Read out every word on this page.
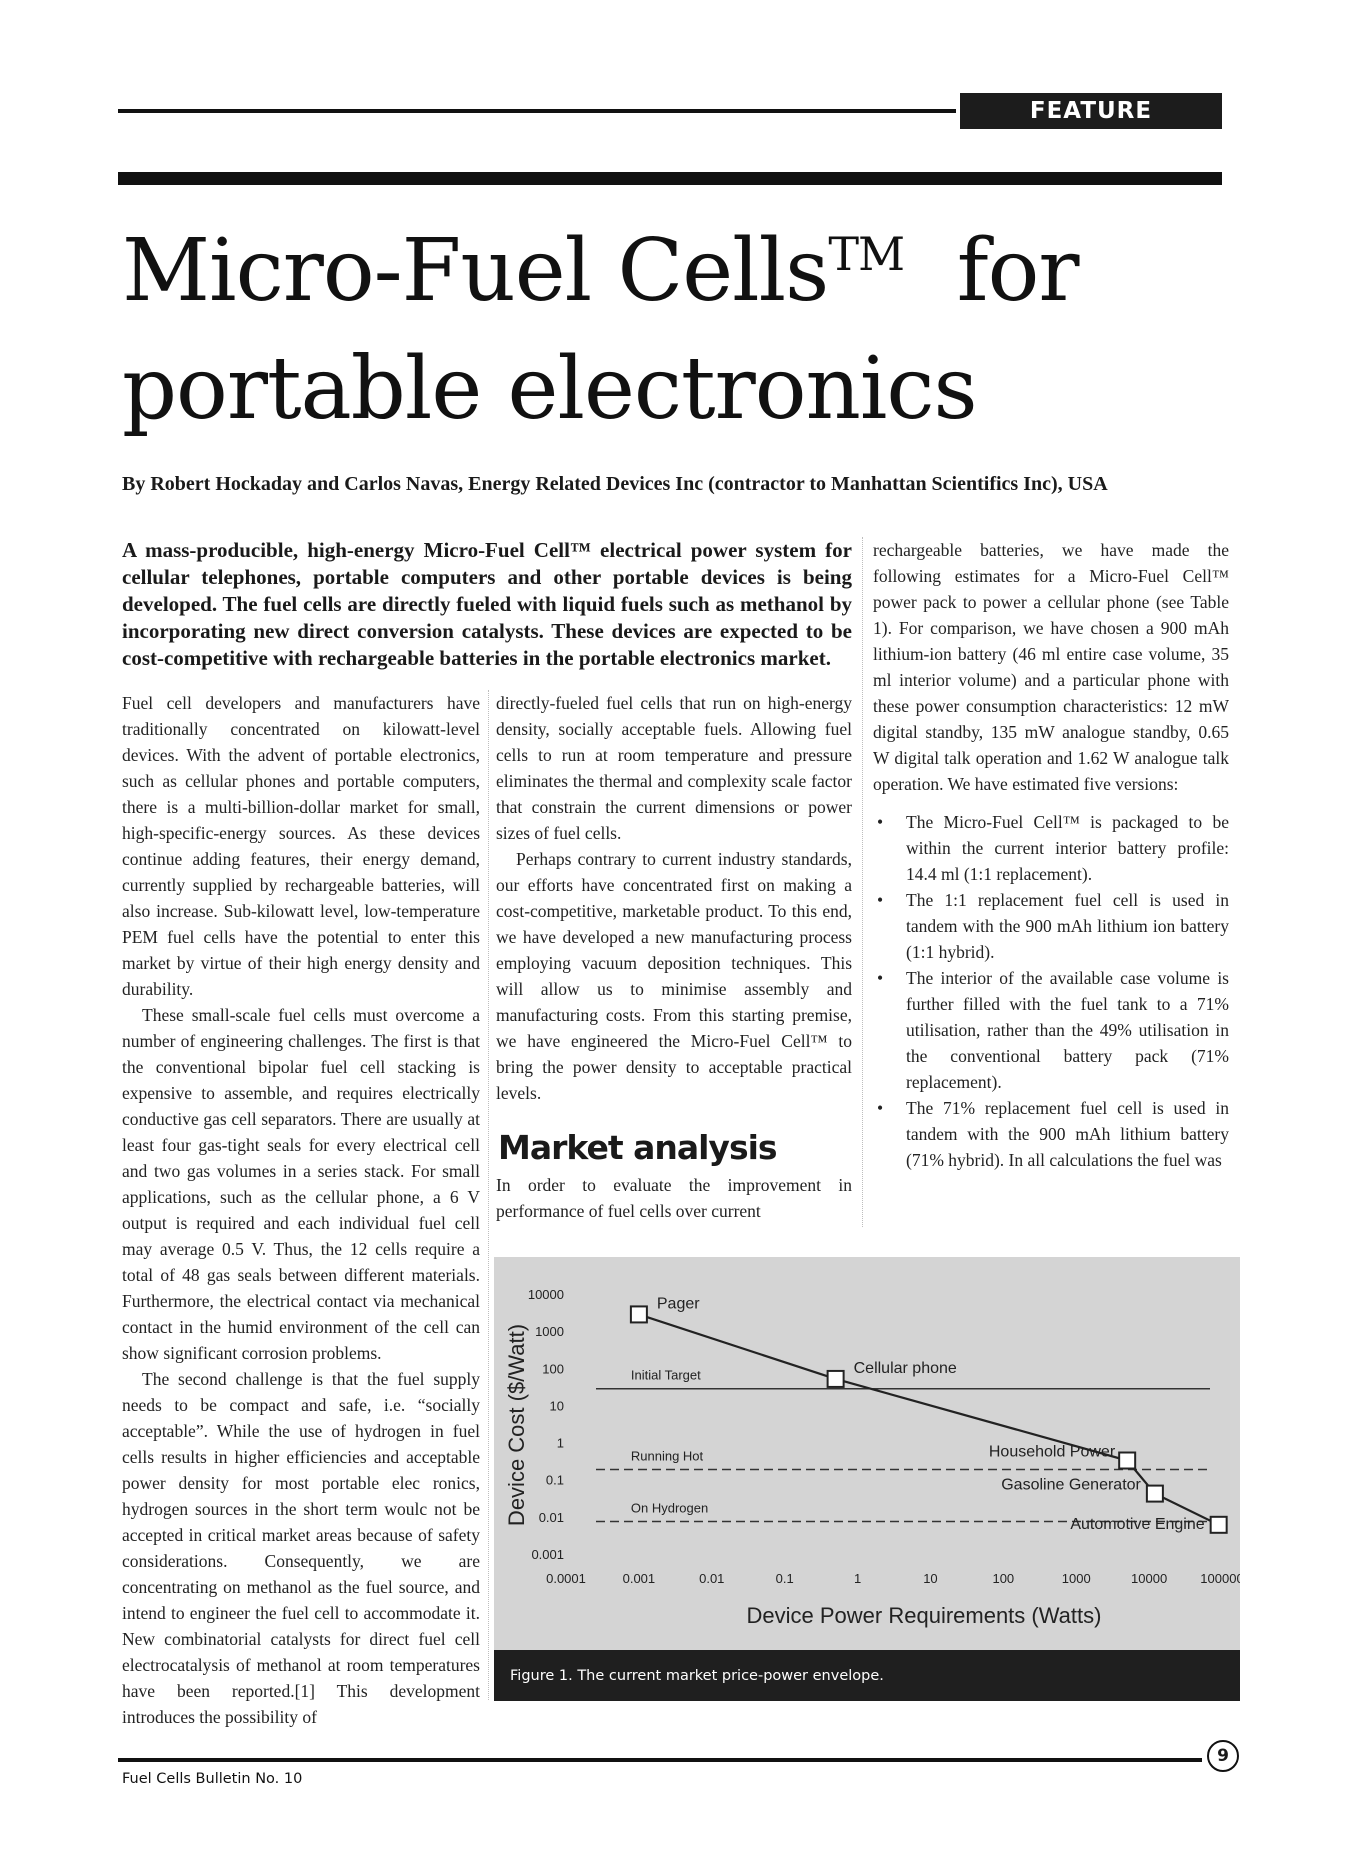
FEATURE
Micro-Fuel Cells™ for
portable electronics
By Robert Hockaday and Carlos Navas, Energy Related Devices Inc (contractor to Manhattan Scientifics Inc), USA
A mass-producible, high-energy Micro-Fuel Cell™ electrical power system for cellular telephones, portable computers and other portable devices is being developed. The fuel cells are directly fueled with liquid fuels such as methanol by incorporating new direct conversion catalysts. These devices are expected to be cost-competitive with rechargeable batteries in the portable electronics market.

Fuel cell developers and manufacturers have traditionally concentrated on kilowatt-level devices. With the advent of portable electronics, such as cellular phones and portable computers, there is a multi-billion-dollar market for small, high-specific-energy sources. As these devices continue adding features, their energy demand, currently supplied by rechargeable batteries, will also increase. Sub-kilowatt level, low-temperature PEM fuel cells have the potential to enter this market by virtue of their high energy density and durability.

These small-scale fuel cells must overcome a number of engineering challenges. The first is that the conventional bipolar fuel cell stacking is expensive to assemble, and requires electrically conductive gas cell separators. There are usually at least four gas-tight seals for every electrical cell and two gas volumes in a series stack. For small applications, such as the cellular phone, a 6 V output is required and each individual fuel cell may average 0.5 V. Thus, the 12 cells require a total of 48 gas seals between different materials. Furthermore, the electrical contact via mechanical contact in the humid environment of the cell can show significant corrosion problems.

The second challenge is that the fuel supply needs to be compact and safe, i.e. “socially acceptable”. While the use of hydrogen in fuel cells results in higher efficiencies and acceptable power density for most portable elec ronics, hydrogen sources in the short term woulc not be accepted in critical market areas because of safety considerations. Consequently, we are concentrating on methanol as the fuel source, and intend to engineer the fuel cell to accommodate it. New combinatorial catalysts for direct fuel cell electrocatalysis of methanol at room temperatures have been reported.[1] This development introduces the possibility of

directly-fueled fuel cells that run on high-energy density, socially acceptable fuels. Allowing fuel cells to run at room temperature and pressure eliminates the thermal and complexity scale factor that constrain the current dimensions or power sizes of fuel cells.

Perhaps contrary to current industry standards, our efforts have concentrated first on making a cost-competitive, marketable product. To this end, we have developed a new manufacturing process employing vacuum deposition techniques. This will allow us to minimise assembly and manufacturing costs. From this starting premise, we have engineered the Micro-Fuel Cell™ to bring the power density to acceptable practical levels.

Market analysis

In order to evaluate the improvement in performance of fuel cells over current

rechargeable batteries, we have made the following estimates for a Micro-Fuel Cell™ power pack to power a cellular phone (see Table 1). For comparison, we have chosen a 900 mAh lithium-ion battery (46 ml entire case volume, 35 ml interior volume) and a particular phone with these power consumption characteristics: 12 mW digital standby, 135 mW analogue standby, 0.65 W digital talk operation and 1.62 W analogue talk operation. We have estimated five versions:

• The Micro-Fuel Cell™ is packaged to be within the current interior battery profile: 14.4 ml (1:1 replacement).
• The 1:1 replacement fuel cell is used in tandem with the 900 mAh lithium ion battery (1:1 hybrid).
• The interior of the available case volume is further filled with the fuel tank to a 71% utilisation, rather than the 49% utilisation in the conventional battery pack (71% replacement).
• The 71% replacement fuel cell is used in tandem with the 900 mAh lithium battery (71% hybrid). In all calculations the fuel was
10000
1000
100
10
1
0.1
0.01
0.001
0.0001	0.001	0.01	0.1	1	10	100	1000	10000	100000
Device Power Requirements (Watts)
Device Cost ($/Watt)	Initial Target
Running Hot
On Hydrogen
Pager
Cellular phone
Household Power
Gasoline Generator
Automotive Engine
Figure 1. The current market price-power envelope.
Fuel Cells Bulletin No. 10
9
